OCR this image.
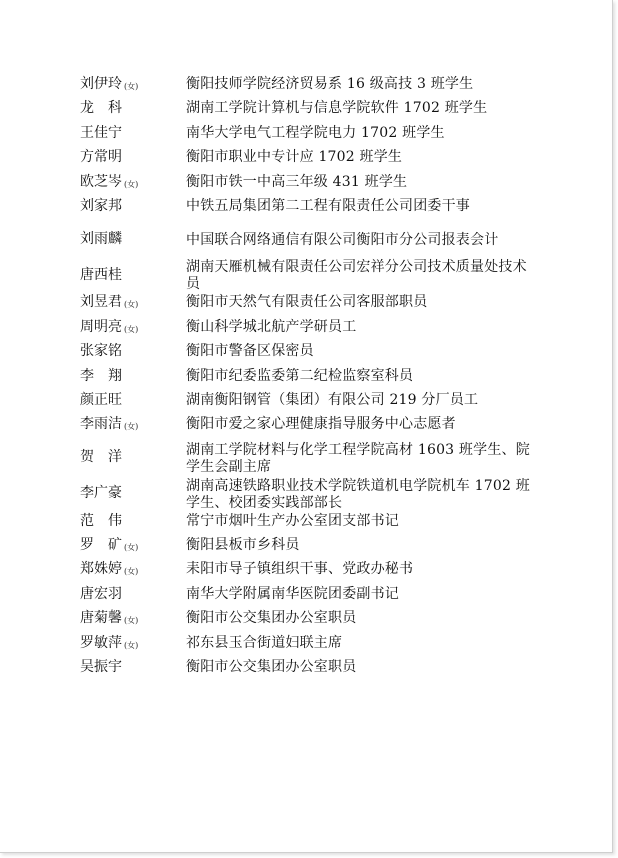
刘伊玲 (女)	衡阳技师学院经济贸易系 16 级高技 3 班学生
龙　科	湖南工学院计算机与信息学院软件 1702 班学生
王佳宁	南华大学电气工程学院电力 1702 班学生
方常明	衡阳市职业中专计应 1702 班学生
欧芝岑 (女)	衡阳市铁一中高三年级 431 班学生
刘家邦	中铁五局集团第二工程有限责任公司团委干事
刘雨麟	中国联合网络通信有限公司衡阳市分公司报表会计
唐西桂	湖南天雁机械有限责任公司宏祥分公司技术质量处技术员
刘昱君 (女)	衡阳市天然气有限责任公司客服部职员
周明亮 (女)	衡山科学城北航产学研员工
张家铭	衡阳市警备区保密员
李　翔	衡阳市纪委监委第二纪检监察室科员
颜正旺	湖南衡阳钢管（集团）有限公司 219 分厂员工
李雨洁 (女)	衡阳市爱之家心理健康指导服务中心志愿者
贺　洋	湖南工学院材料与化学工程学院高材 1603 班学生、院学生会副主席
李广豪	湖南高速铁路职业技术学院铁道机电学院机车 1702 班学生、校团委实践部部长
范　伟	常宁市烟叶生产办公室团支部书记
罗　矿 (女)	衡阳县板市乡科员
郑姝婷 (女)	耒阳市导子镇组织干事、党政办秘书
唐宏羽	南华大学附属南华医院团委副书记
唐菊馨 (女)	衡阳市公交集团办公室职员
罗敏萍 (女)	祁东县玉合街道妇联主席
吴振宇	衡阳市公交集团办公室职员
